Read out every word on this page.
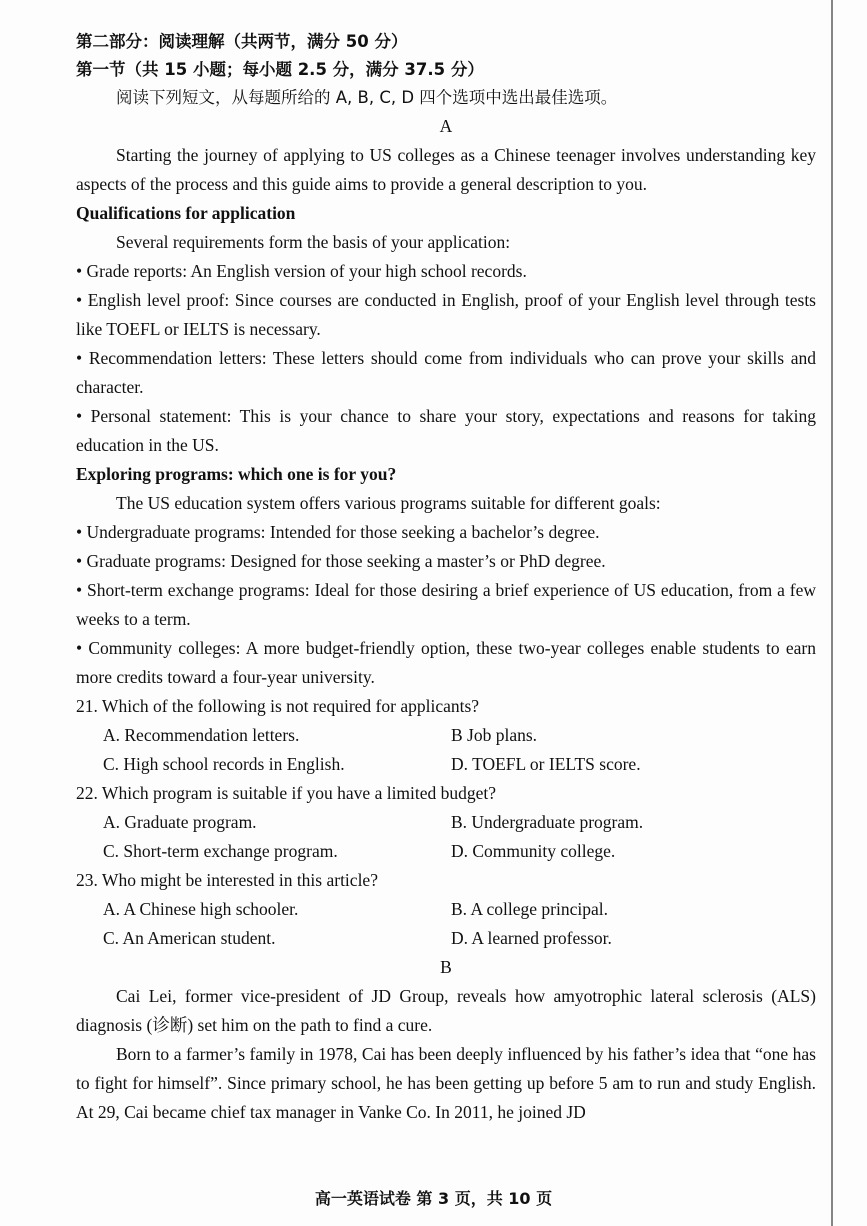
第二部分：阅读理解（共两节，满分 50 分）

第一节（共 15 小题；每小题 2.5 分，满分 37.5 分）

阅读下列短文，从每题所给的 A, B, C, D 四个选项中选出最佳选项。

A

Starting the journey of applying to US colleges as a Chinese teenager involves understanding key aspects of the process and this guide aims to provide a general description to you.

Qualifications for application

Several requirements form the basis of your application:

• Grade reports: An English version of your high school records.

• English level proof: Since courses are conducted in English, proof of your English level through tests like TOEFL or IELTS is necessary.

• Recommendation letters: These letters should come from individuals who can prove your skills and character.

• Personal statement: This is your chance to share your story, expectations and reasons for taking education in the US.

Exploring programs: which one is for you?

The US education system offers various programs suitable for different goals:

• Undergraduate programs: Intended for those seeking a bachelor’s degree.

• Graduate programs: Designed for those seeking a master’s or PhD degree.

• Short-term exchange programs: Ideal for those desiring a brief experience of US education, from a few weeks to a term.

• Community colleges: A more budget-friendly option, these two-year colleges enable students to earn more credits toward a four-year university.

21. Which of the following is not required for applicants?

A. Recommendation letters.	B Job plans.

C. High school records in English.	D. TOEFL or IELTS score.

22. Which program is suitable if you have a limited budget?

A. Graduate program.	B. Undergraduate program.

C. Short-term exchange program.	D. Community college.

23. Who might be interested in this article?

A. A Chinese high schooler.	B. A college principal.

C. An American student.	D. A learned professor.

B

Cai Lei, former vice-president of JD Group, reveals how amyotrophic lateral sclerosis (ALS) diagnosis (诊断) set him on the path to find a cure.

Born to a farmer’s family in 1978, Cai has been deeply influenced by his father’s idea that “one has to fight for himself”. Since primary school, he has been getting up before 5 am to run and study English. At 29, Cai became chief tax manager in Vanke Co. In 2011, he joined JD

高一英语试卷 第 3 页，共 10 页
